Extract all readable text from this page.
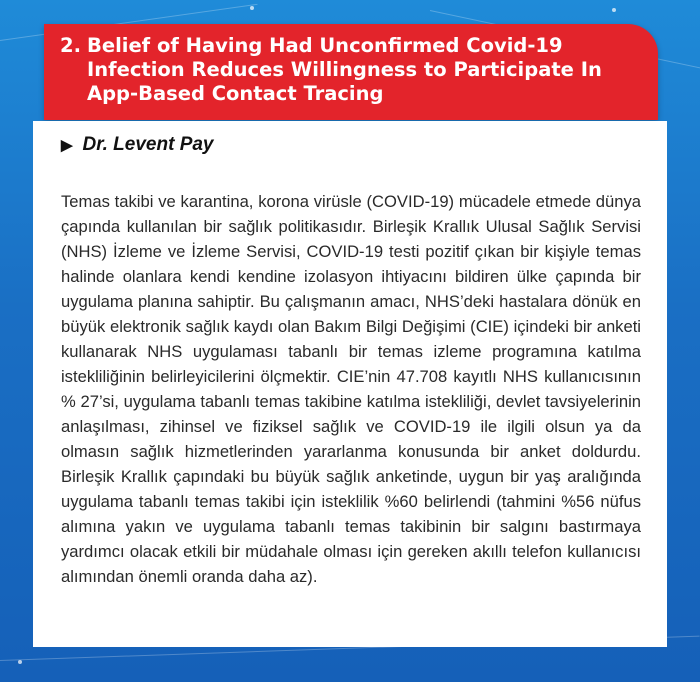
2. Belief of Having Had Unconfirmed Covid-19 Infection Reduces Willingness to Participate In App-Based Contact Tracing
▶ Dr. Levent Pay

Temas takibi ve karantina, korona virüsle (COVID-19) mücadele etmede dünya çapında kullanılan bir sağlık politikasıdır. Birleşik Krallık Ulusal Sağlık Servisi (NHS) İzleme ve İzleme Servisi, COVID-19 testi pozitif çıkan bir kişiyle temas halinde olanlara kendi kendine izolasyon ihtiyacını bildiren ülke çapında bir uygulama planına sahiptir. Bu çalışmanın amacı, NHS’deki hastalara dönük en büyük elektronik sağlık kaydı olan Bakım Bilgi Değişimi (CIE) içindeki bir anketi kullanarak NHS uygulaması tabanlı bir temas izleme programına katılma istekliliğinin belirleyicilerini ölçmektir. CIE’nin 47.708 kayıtlı NHS kullanıcısının % 27’si, uygulama tabanlı temas takibine katılma istekliliği, devlet tavsiyelerinin anlaşılması, zihinsel ve fiziksel sağlık ve COVID-19 ile ilgili olsun ya da olmasın sağlık hizmetlerinden yararlanma konusunda bir anket doldurdu. Birleşik Krallık çapındaki bu büyük sağlık anketinde, uygun bir yaş aralığında uygulama tabanlı temas takibi için isteklilik %60 belirlendi (tahmini %56 nüfus alımına yakın ve uygulama tabanlı temas takibinin bir salgını bastırmaya yardımcı olacak etkili bir müdahale olması için gereken akıllı telefon kullanıcısı alımından önemli oranda daha az).
